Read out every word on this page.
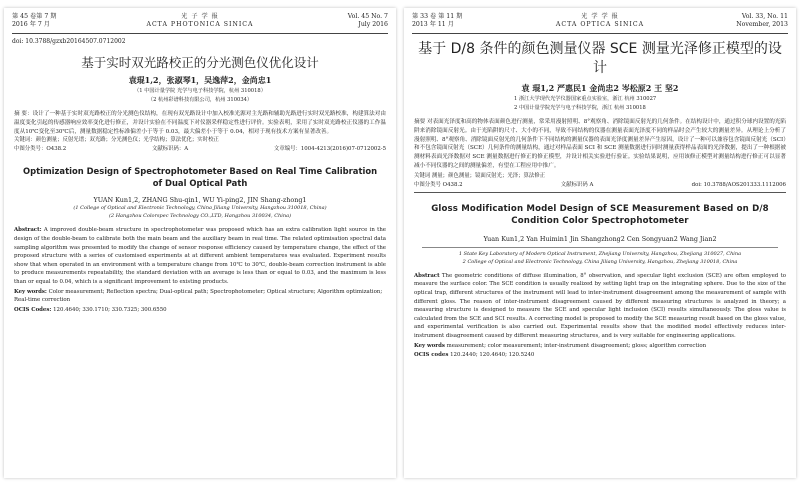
第 45 卷第 7 期
2016 年 7 月
光 子 学 报
ACTA PHOTONICA SINICA
Vol. 45 No. 7
July 2016
doi: 10.3788/gzxb20164507.0712002
基于实时双光路校正的分光测色仪优化设计
袁琨1,2，张淑琴1，吴逸萍2，金尚忠1
（1 中国计量学院 光学与电子科技学院，杭州 310018）
（2 杭州彩谱科技有限公司，杭州 310034）
摘 要：设计了一种基于实时双光路校正的分光测色仪结构，在现有双光路设计中加入校准光源对主光路和辅助光路进行实时双光路校准，构建算法对由温度变化引起的传感器响应效率变化进行修正，并设计实验在不同温度下对仪器采样稳定性进行评价。实验表明，采用了实时双光路校正仪器的工作温度从10℃变化至30℃后，测量数据稳定性标准偏差小于等于 0.03，最大偏差小于等于 0.04，相对于现有技术方案有显著改善。
关键词：颜色测量；反射光谱；双光路；分光测色仪；光学结构；算法优化；实时校正
中图分类号：O438.2	文献标识码：A	文章编号：1004-4213(2016)07-0712002-5
Optimization Design of Spectrophotometer Based on Real Time Calibration of Dual Optical Path
YUAN Kun1,2, ZHANG Shu-qin1, WU Yi-ping2, JIN Shang-zhong1
(1 College of Optical and Electronic Technology, China Jiliang University, Hangzhou 310018, China)
(2 Hangzhou Colorspec Technology CO.,LTD, Hangzhou 310034, China)
Abstract: A improved double-beam structure in spectrophotometer was proposed which has an extra calibration light source in the design of the double-beam to calibrate both the main beam and the auxiliary beam in real time. The related optimisation spectral data sampling algorithm was presented to modify the change of sensor response efficiency caused by temperature change, the effect of the proposed structure with a series of customised experiments at at different ambient temperatures was evaluated. Experiment results show that when operated in an environment with a temperature change from 10℃ to 30℃, double-beam correction instrument is able to produce measurements repeatability, the standard deviation with an average is less than or equal to 0.03, and the maximum is less than or equal to 0.04, which is a significant improvement to existing products.
Key words: Color measurement; Reflection spectra; Dual-optical path; Spectrophotometer; Optical structure; Algorithm optimization; Real-time correction
OCIS Codes: 120.4640; 330.1710; 330.7325; 300.6550
第 33 卷 第 11 期
2013 年 11 月
光 学 学 报
ACTA OPTICA SINICA
Vol. 33, No. 11
November, 2013
基于 D/8 条件的颜色测量仪器 SCE 测量光泽修正模型的设计
袁 琨1,2 严惠民1 金尚忠2 岑松原2 王 坚2
1 浙江大学现代光学仪器国家重点实验室，浙江 杭州 310027
2 中国计量学院光学与电子科技学院，浙江 杭州 310018
摘要 对表面光泽度和高的物体表面颜色进行测量，常采用漫射照明、8°观察角、消除镜面反射光的几何条件。在结构设计中，通过积分球内设置的光陷阱来消除镜面反射光。由于光陷阱的尺寸、大小的不同，导致不同结构的仪器在测量表面光泽度不同的样品时会产生较大的测量差异。从理论上分析了漫射照明、8°观察角、消除镜面反射光的几何条件下不同结构的测量仪器的表面光泽度测量差异产生原因，设计了一种可以兼容包含镜面反射光（SCI）和不包含镜面反射光（SCE）几何条件的测量结构，通过对样品表面 SCI 和 SCE 测量数据进行同时测量获得样品表面的光泽数据，提出了一种根据被测材料表面光泽数据对 SCE 测量数据进行修正的修正模型，并设计相关实验进行验证。实验结果说明，应用该修正模型对测量结构进行修正可以显著减小不同仪器的之间的测量偏差，有望在工程应用中推广。
关键词 测量；颜色测量；镜面反射光；光泽；算法修正
中图分类号 O438.2	文献标识码 A	doi: 10.3788/AOS201333.1112006
Gloss Modification Model Design of SCE Measurement Based on D/8 Condition Color Spectrophotometer
Yuan Kun1,2 Yan Huimin1 Jin Shangzhong2 Cen Songyuan2 Wang Jian2
1 State Key Laboratory of Modern Optical Instrument, Zhejiang University, Hangzhou, Zhejiang 310027, China
2 College of Optical and Electronic Technology, China Jiliang University, Hangzhou, Zhejiang 310018, China
Abstract The geometric conditions of diffuse illumination, 8° observation, and specular light exclusion (SCE) are often employed to measure the surface color. The SCE condition is usually realized by setting light trap on the integrating sphere. Due to the size of the optical trap, different structures of the instrument will lead to inter-instrument disagreement among the measurement of sample with different gloss. The reason of inter-instrument disagreement caused by different measuring structures is analyzed in theory; a measuring structure is designed to measure the SCE and specular light inclusion (SCI) results simultaneously. The gloss value is calculated from the SCE and SCI results. A correcting model is proposed to modify the SCE measuring result based on the gloss value, and experimental verification is also carried out. Experimental results show that the modified model effectively reduces inter-instrument disagreement caused by different measuring structures, and is very suitable for engineering applications.
Key words measurement; color measurement; inter-instrument disagreement; gloss; algorithm correction
OCIS codes 120.2440; 120.4640; 120.5240
